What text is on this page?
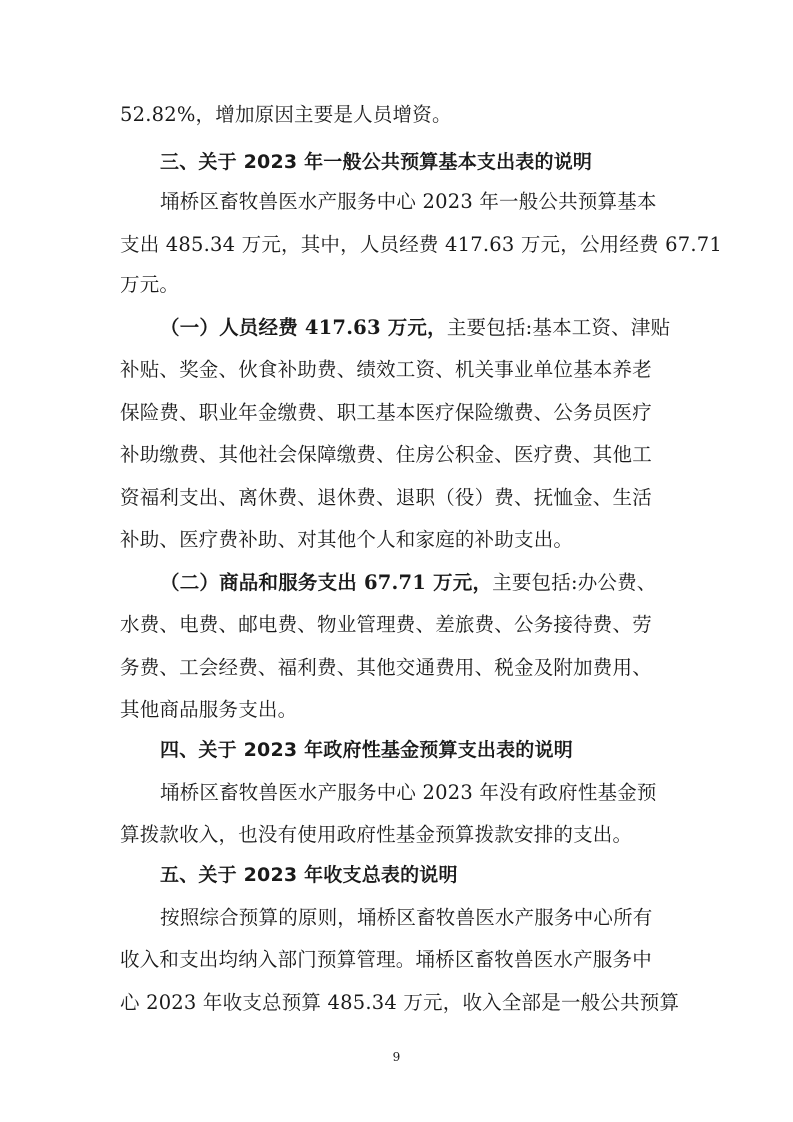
52.82%，增加原因主要是人员增资。
三、关于 2023 年一般公共预算基本支出表的说明
埇桥区畜牧兽医水产服务中心 2023 年一般公共预算基本
支出 485.34 万元，其中，人员经费 417.63 万元，公用经费 67.71
万元。
（一）人员经费 417.63 万元，主要包括:基本工资、津贴
补贴、奖金、伙食补助费、绩效工资、机关事业单位基本养老
保险费、职业年金缴费、职工基本医疗保险缴费、公务员医疗
补助缴费、其他社会保障缴费、住房公积金、医疗费、其他工
资福利支出、离休费、退休费、退职（役）费、抚恤金、生活
补助、医疗费补助、对其他个人和家庭的补助支出。
（二）商品和服务支出 67.71 万元，主要包括:办公费、
水费、电费、邮电费、物业管理费、差旅费、公务接待费、劳
务费、工会经费、福利费、其他交通费用、税金及附加费用、
其他商品服务支出。
四、关于 2023 年政府性基金预算支出表的说明
埇桥区畜牧兽医水产服务中心 2023 年没有政府性基金预
算拨款收入，也没有使用政府性基金预算拨款安排的支出。
五、关于 2023 年收支总表的说明
按照综合预算的原则，埇桥区畜牧兽医水产服务中心所有
收入和支出均纳入部门预算管理。埇桥区畜牧兽医水产服务中
心 2023 年收支总预算 485.34 万元，收入全部是一般公共预算
9
